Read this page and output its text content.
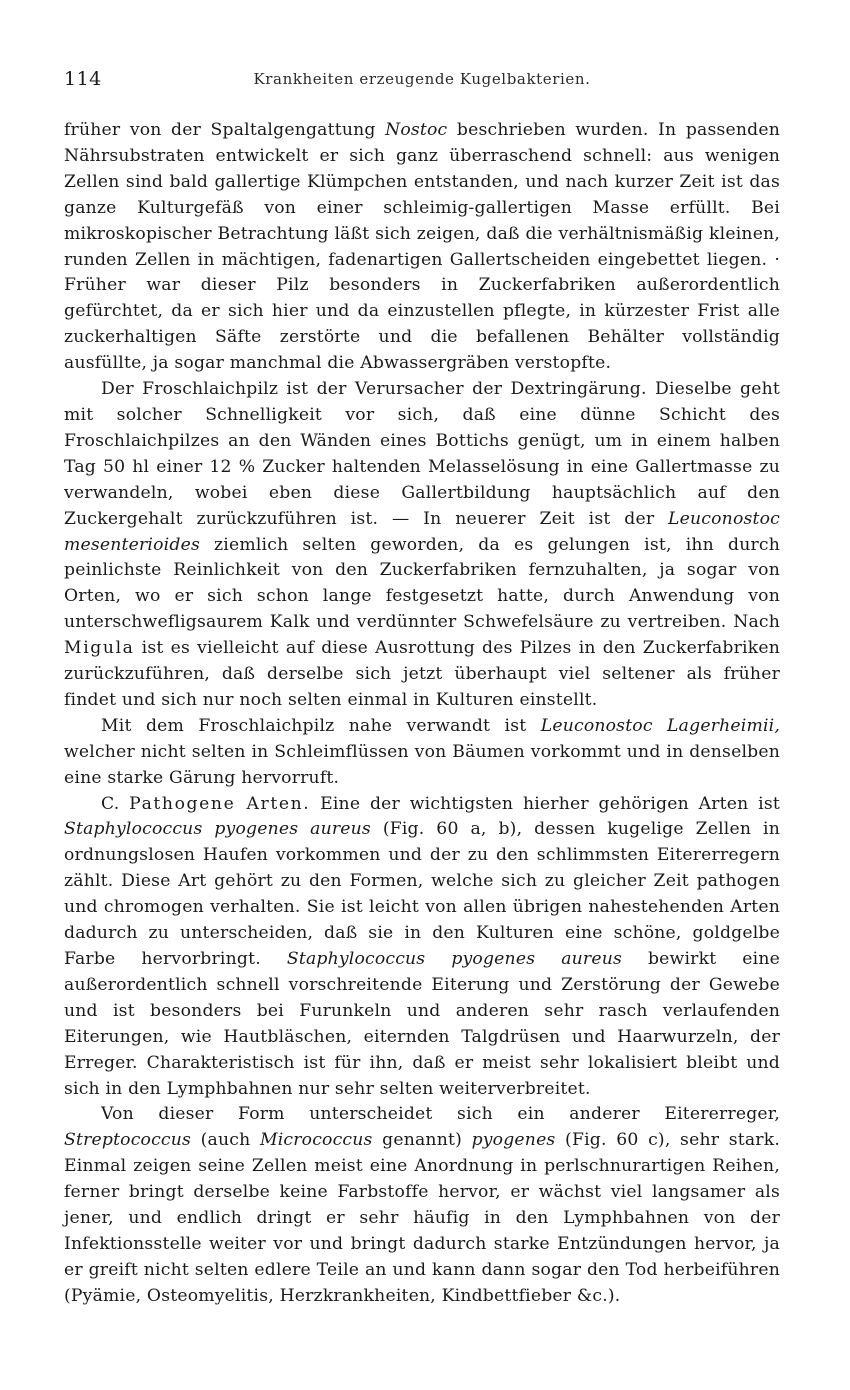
114	Krankheiten erzeugende Kugelbakterien.

früher von der Spaltalgengattung Nostoc beschrieben wurden. In passenden Nährsubstraten entwickelt er sich ganz überraschend schnell: aus wenigen Zellen sind bald gallertige Klümpchen entstanden, und nach kurzer Zeit ist das ganze Kulturgefäß von einer schleimig-gallertigen Masse erfüllt. Bei mikroskopischer Betrachtung läßt sich zeigen, daß die verhältnismäßig kleinen, runden Zellen in mächtigen, fadenartigen Gallertscheiden eingebettet liegen. · Früher war dieser Pilz besonders in Zuckerfabriken außerordentlich gefürchtet, da er sich hier und da einzustellen pflegte, in kürzester Frist alle zuckerhaltigen Säfte zerstörte und die befallenen Behälter vollständig ausfüllte, ja sogar manchmal die Abwassergräben verstopfte.

Der Froschlaichpilz ist der Verursacher der Dextringärung. Dieselbe geht mit solcher Schnelligkeit vor sich, daß eine dünne Schicht des Froschlaichpilzes an den Wänden eines Bottichs genügt, um in einem halben Tag 50 hl einer 12 % Zucker haltenden Melasselösung in eine Gallertmasse zu verwandeln, wobei eben diese Gallertbildung hauptsächlich auf den Zuckergehalt zurückzuführen ist. — In neuerer Zeit ist der Leuconostoc mesenterioides ziemlich selten geworden, da es gelungen ist, ihn durch peinlichste Reinlichkeit von den Zuckerfabriken fernzuhalten, ja sogar von Orten, wo er sich schon lange festgesetzt hatte, durch Anwendung von unterschwefligsaurem Kalk und verdünnter Schwefelsäure zu vertreiben. Nach Migula ist es vielleicht auf diese Ausrottung des Pilzes in den Zuckerfabriken zurückzuführen, daß derselbe sich jetzt überhaupt viel seltener als früher findet und sich nur noch selten einmal in Kulturen einstellt.

Mit dem Froschlaichpilz nahe verwandt ist Leuconostoc Lagerheimii, welcher nicht selten in Schleimflüssen von Bäumen vorkommt und in denselben eine starke Gärung hervorruft.

C. Pathogene Arten. Eine der wichtigsten hierher gehörigen Arten ist Staphylococcus pyogenes aureus (Fig. 60 a, b), dessen kugelige Zellen in ordnungslosen Haufen vorkommen und der zu den schlimmsten Eitererregern zählt. Diese Art gehört zu den Formen, welche sich zu gleicher Zeit pathogen und chromogen verhalten. Sie ist leicht von allen übrigen nahestehenden Arten dadurch zu unterscheiden, daß sie in den Kulturen eine schöne, goldgelbe Farbe hervorbringt. Staphylococcus pyogenes aureus bewirkt eine außerordentlich schnell vorschreitende Eiterung und Zerstörung der Gewebe und ist besonders bei Furunkeln und anderen sehr rasch verlaufenden Eiterungen, wie Hautbläschen, eiternden Talgdrüsen und Haarwurzeln, der Erreger. Charakteristisch ist für ihn, daß er meist sehr lokalisiert bleibt und sich in den Lymphbahnen nur sehr selten weiterverbreitet.

Von dieser Form unterscheidet sich ein anderer Eitererreger, Streptococcus (auch Micrococcus genannt) pyogenes (Fig. 60 c), sehr stark. Einmal zeigen seine Zellen meist eine Anordnung in perlschnurartigen Reihen, ferner bringt derselbe keine Farbstoffe hervor, er wächst viel langsamer als jener, und endlich dringt er sehr häufig in den Lymphbahnen von der Infektionsstelle weiter vor und bringt dadurch starke Entzündungen hervor, ja er greift nicht selten edlere Teile an und kann dann sogar den Tod herbeiführen (Pyämie, Osteomyelitis, Herzkrankheiten, Kindbettfieber &c.).
